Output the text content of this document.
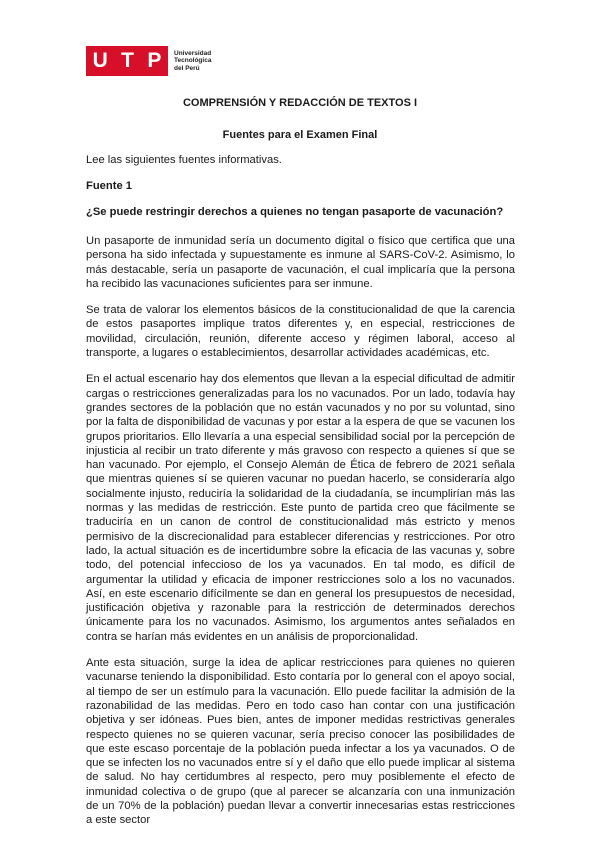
U T P Universidad
Tecnológica
del Perú
COMPRENSIÓN Y REDACCIÓN DE TEXTOS I
Fuentes para el Examen Final

Lee las siguientes fuentes informativas.

Fuente 1

¿Se puede restringir derechos a quienes no tengan pasaporte de vacunación?

Un pasaporte de inmunidad sería un documento digital o físico que certifica que una persona ha sido infectada y supuestamente es inmune al SARS-CoV-2. Asimismo, lo más destacable, sería un pasaporte de vacunación, el cual implicaría que la persona ha recibido las vacunaciones suficientes para ser inmune.

Se trata de valorar los elementos básicos de la constitucionalidad de que la carencia de estos pasaportes implique tratos diferentes y, en especial, restricciones de movilidad, circulación, reunión, diferente acceso y régimen laboral, acceso al transporte, a lugares o establecimientos, desarrollar actividades académicas, etc.

En el actual escenario hay dos elementos que llevan a la especial dificultad de admitir cargas o restricciones generalizadas para los no vacunados. Por un lado, todavía hay grandes sectores de la población que no están vacunados y no por su voluntad, sino por la falta de disponibilidad de vacunas y por estar a la espera de que se vacunen los grupos prioritarios. Ello llevaría a una especial sensibilidad social por la percepción de injusticia al recibir un trato diferente y más gravoso con respecto a quienes sí que se han vacunado. Por ejemplo, el Consejo Alemán de Ética de febrero de 2021 señala que mientras quienes sí se quieren vacunar no puedan hacerlo, se consideraría algo socialmente injusto, reduciría la solidaridad de la ciudadanía, se incumplirían más las normas y las medidas de restricción. Este punto de partida creo que fácilmente se traduciría en un canon de control de constitucionalidad más estricto y menos permisivo de la discrecionalidad para establecer diferencias y restricciones. Por otro lado, la actual situación es de incertidumbre sobre la eficacia de las vacunas y, sobre todo, del potencial infeccioso de los ya vacunados. En tal modo, es difícil de argumentar la utilidad y eficacia de imponer restricciones solo a los no vacunados. Así, en este escenario difícilmente se dan en general los presupuestos de necesidad, justificación objetiva y razonable para la restricción de determinados derechos únicamente para los no vacunados. Asimismo, los argumentos antes señalados en contra se harían más evidentes en un análisis de proporcionalidad.

Ante esta situación, surge la idea de aplicar restricciones para quienes no quieren vacunarse teniendo la disponibilidad. Esto contaría por lo general con el apoyo social, al tiempo de ser un estímulo para la vacunación. Ello puede facilitar la admisión de la razonabilidad de las medidas. Pero en todo caso han contar con una justificación objetiva y ser idóneas. Pues bien, antes de imponer medidas restrictivas generales respecto quienes no se quieren vacunar, sería preciso conocer las posibilidades de que este escaso porcentaje de la población pueda infectar a los ya vacunados. O de que se infecten los no vacunados entre sí y el daño que ello puede implicar al sistema de salud. No hay certidumbres al respecto, pero muy posiblemente el efecto de inmunidad colectiva o de grupo (que al parecer se alcanzaría con una inmunización de un 70% de la población) puedan llevar a convertir innecesarias estas restricciones a este sector
